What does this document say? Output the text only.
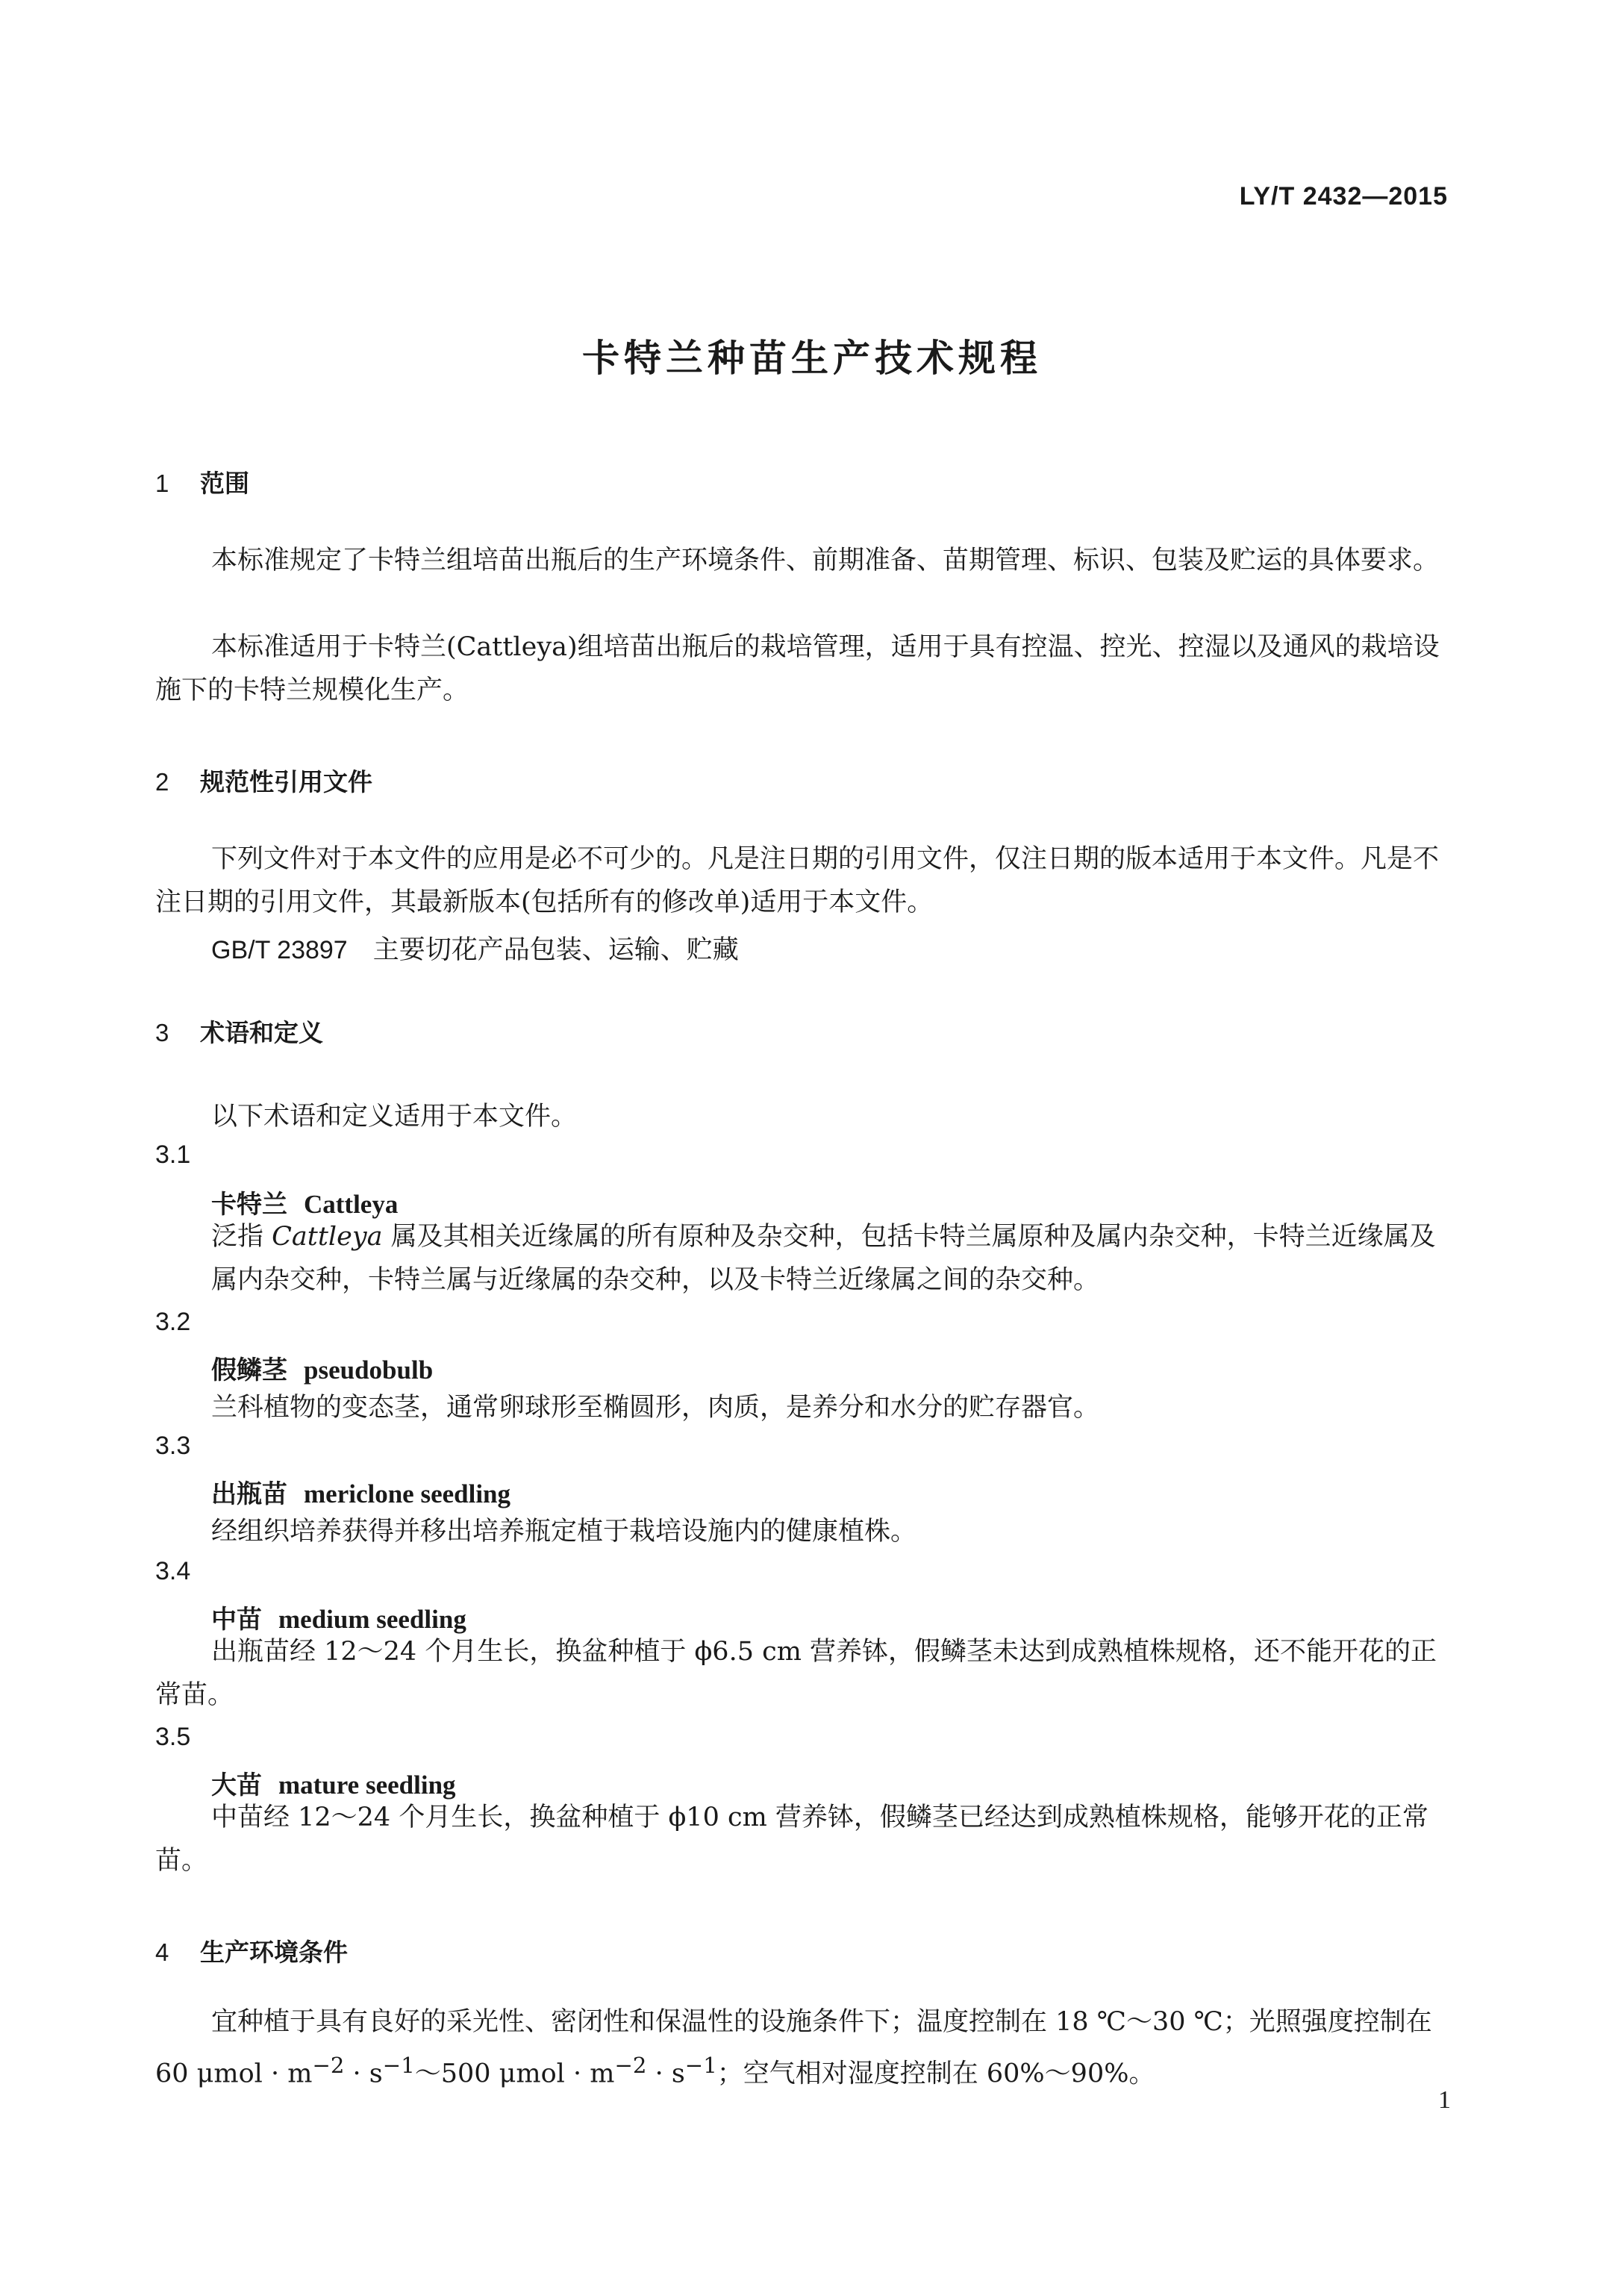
LY/T 2432—2015
卡特兰种苗生产技术规程
1 范围
本标准规定了卡特兰组培苗出瓶后的生产环境条件、前期准备、苗期管理、标识、包装及贮运的具体要求。
本标准适用于卡特兰(Cattleya)组培苗出瓶后的栽培管理，适用于具有控温、控光、控湿以及通风的栽培设施下的卡特兰规模化生产。
2 规范性引用文件
下列文件对于本文件的应用是必不可少的。凡是注日期的引用文件，仅注日期的版本适用于本文件。凡是不注日期的引用文件，其最新版本(包括所有的修改单)适用于本文件。
GB/T 23897 主要切花产品包装、运输、贮藏
3 术语和定义
以下术语和定义适用于本文件。
3.1
卡特兰 Cattleya
泛指 Cattleya 属及其相关近缘属的所有原种及杂交种，包括卡特兰属原种及属内杂交种，卡特兰近缘属及属内杂交种，卡特兰属与近缘属的杂交种，以及卡特兰近缘属之间的杂交种。
3.2
假鳞茎 pseudobulb
兰科植物的变态茎，通常卵球形至椭圆形，肉质，是养分和水分的贮存器官。
3.3
出瓶苗 mericlone seedling
经组织培养获得并移出培养瓶定植于栽培设施内的健康植株。
3.4
中苗 medium seedling
出瓶苗经 12～24 个月生长，换盆种植于 ϕ6.5 cm 营养钵，假鳞茎未达到成熟植株规格，还不能开花的正常苗。
3.5
大苗 mature seedling
中苗经 12～24 个月生长，换盆种植于 ϕ10 cm 营养钵，假鳞茎已经达到成熟植株规格，能够开花的正常苗。
4 生产环境条件
宜种植于具有良好的采光性、密闭性和保温性的设施条件下；温度控制在 18 ℃～30 ℃；光照强度控制在 60 $\mu mol \cdot m^{-2}$ · $s^{-1}\sim 500$ $\mu mol \cdot m^{-2} \cdot s^{-1}$；空气相对湿度控制在 60%～90%。
1
